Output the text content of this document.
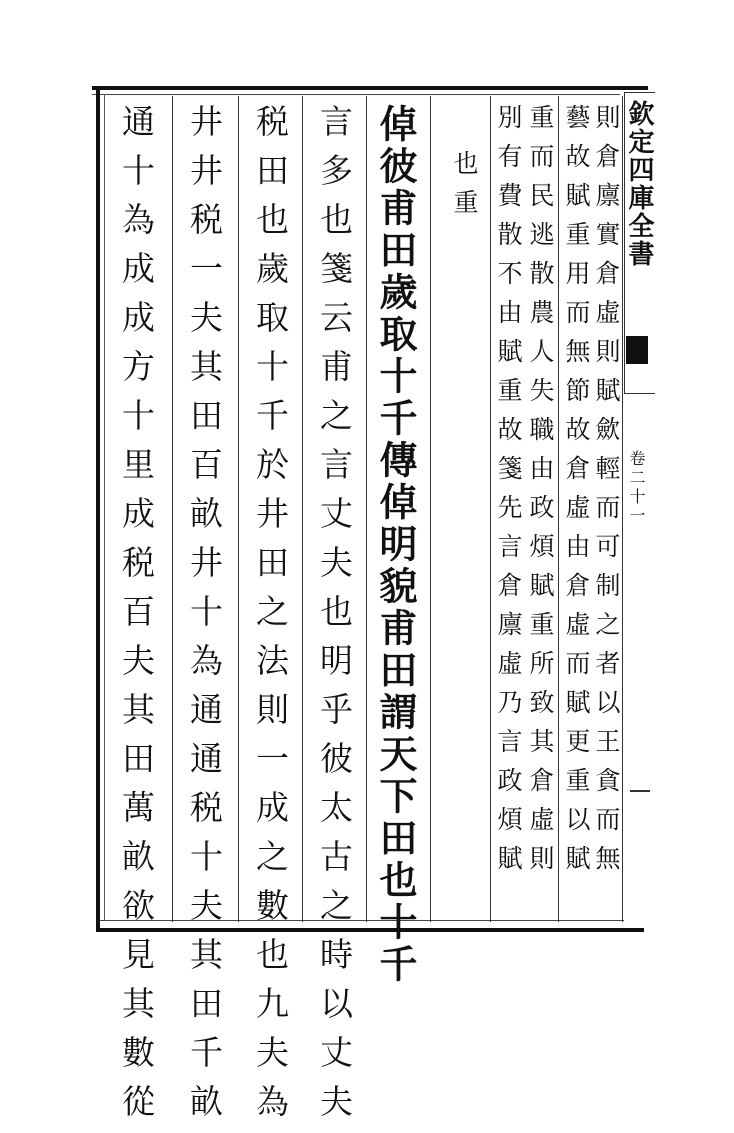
欽定四庫全書
卷二十一
則倉廪實倉虛則賦歛輕而可制之者以王貪而無
藝故賦重用而無節故倉虛由倉虛而賦更重以賦
重而民逃散農人失職由政煩賦重所致其倉虛則
別有費散不由賦重故箋先言倉廪虛乃言政煩賦
也重
倬彼甫田歲取十千傳倬明貌甫田謂天下田也十千
言多也箋云甫之言丈夫也明乎彼太古之時以丈夫
税田也歲取十千於井田之法則一成之數也九夫為
井井税一夫其田百畝井十為通通税十夫其田千畝
通十為成成方十里成税百夫其田萬畝欲見其數從
